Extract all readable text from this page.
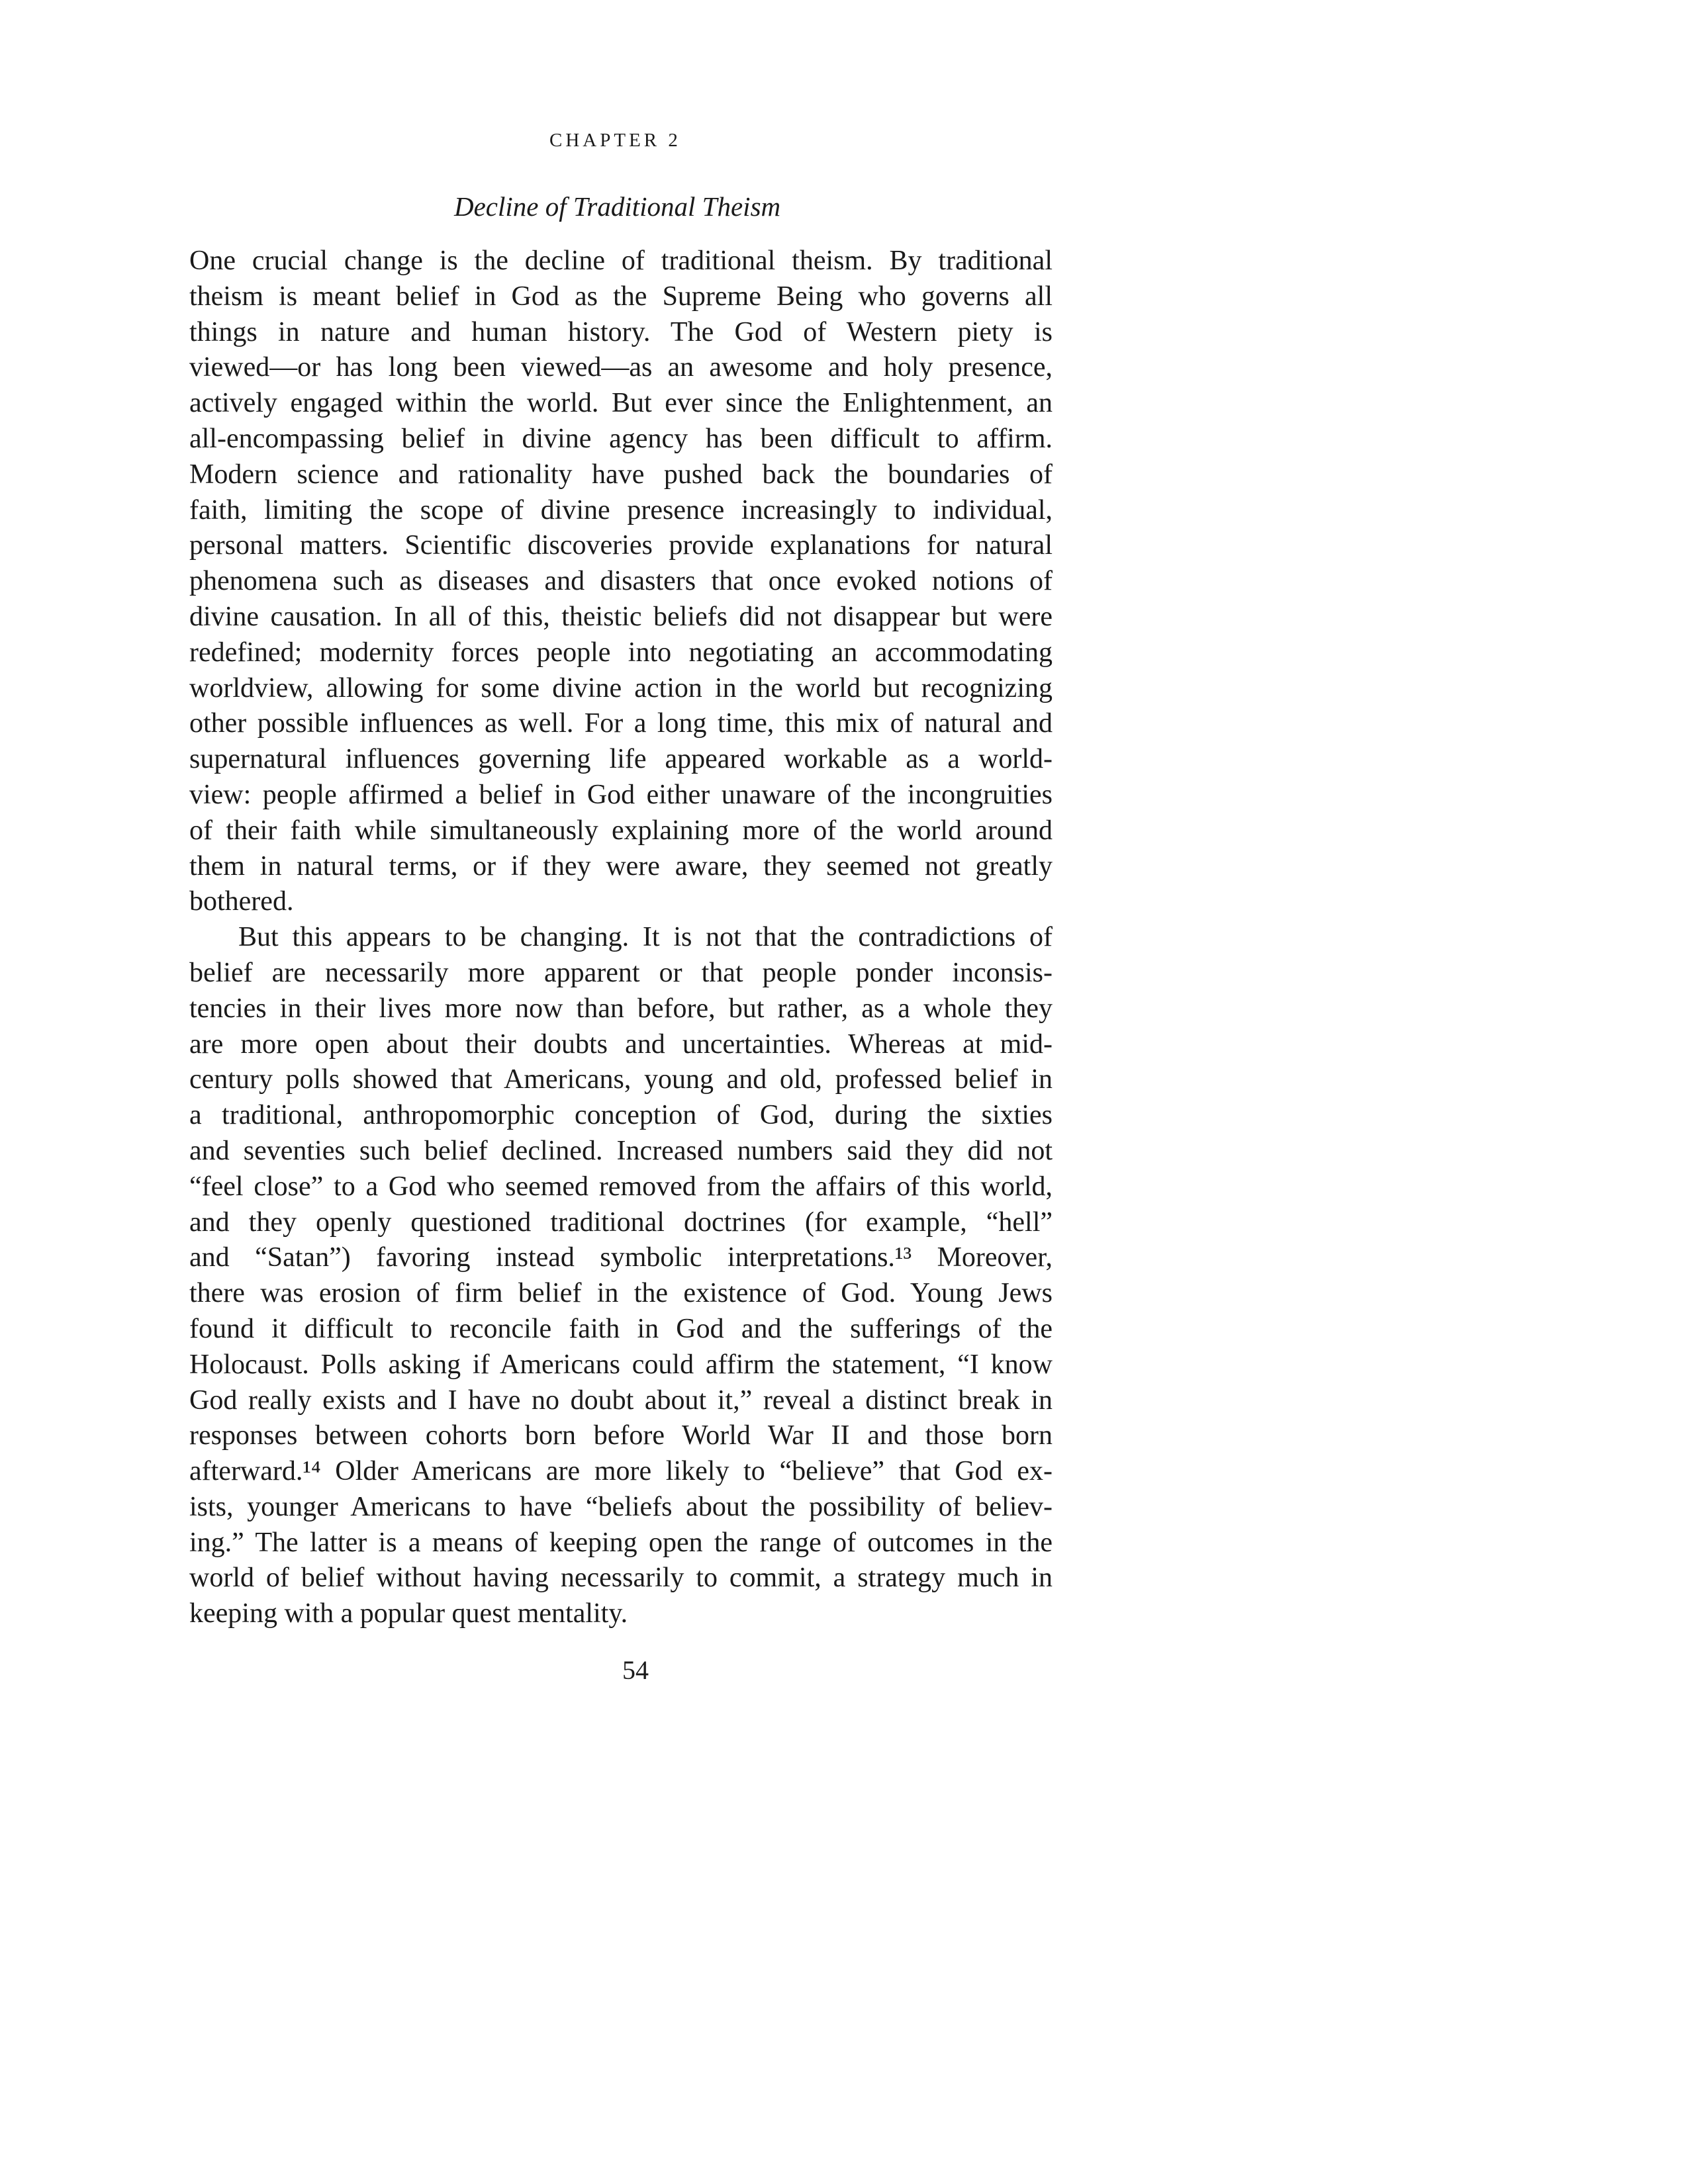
CHAPTER 2
Decline of Traditional Theism
One crucial change is the decline of traditional theism. By traditional
theism is meant belief in God as the Supreme Being who governs all
things in nature and human history. The God of Western piety is
viewed—or has long been viewed—as an awesome and holy presence,
actively engaged within the world. But ever since the Enlightenment, an
all-encompassing belief in divine agency has been difficult to affirm.
Modern science and rationality have pushed back the boundaries of
faith, limiting the scope of divine presence increasingly to individual,
personal matters. Scientific discoveries provide explanations for natural
phenomena such as diseases and disasters that once evoked notions of
divine causation. In all of this, theistic beliefs did not disappear but were
redefined; modernity forces people into negotiating an accommodating
worldview, allowing for some divine action in the world but recognizing
other possible influences as well. For a long time, this mix of natural and
supernatural influences governing life appeared workable as a world-
view: people affirmed a belief in God either unaware of the incongruities
of their faith while simultaneously explaining more of the world around
them in natural terms, or if they were aware, they seemed not greatly
bothered.
But this appears to be changing. It is not that the contradictions of
belief are necessarily more apparent or that people ponder inconsis-
tencies in their lives more now than before, but rather, as a whole they
are more open about their doubts and uncertainties. Whereas at mid-
century polls showed that Americans, young and old, professed belief in
a traditional, anthropomorphic conception of God, during the sixties
and seventies such belief declined. Increased numbers said they did not
“feel close” to a God who seemed removed from the affairs of this world,
and they openly questioned traditional doctrines (for example, “hell”
and “Satan”) favoring instead symbolic interpretations.¹³ Moreover,
there was erosion of firm belief in the existence of God. Young Jews
found it difficult to reconcile faith in God and the sufferings of the
Holocaust. Polls asking if Americans could affirm the statement, “I know
God really exists and I have no doubt about it,” reveal a distinct break in
responses between cohorts born before World War II and those born
afterward.¹⁴ Older Americans are more likely to “believe” that God ex-
ists, younger Americans to have “beliefs about the possibility of believ-
ing.” The latter is a means of keeping open the range of outcomes in the
world of belief without having necessarily to commit, a strategy much in
keeping with a popular quest mentality.
54
